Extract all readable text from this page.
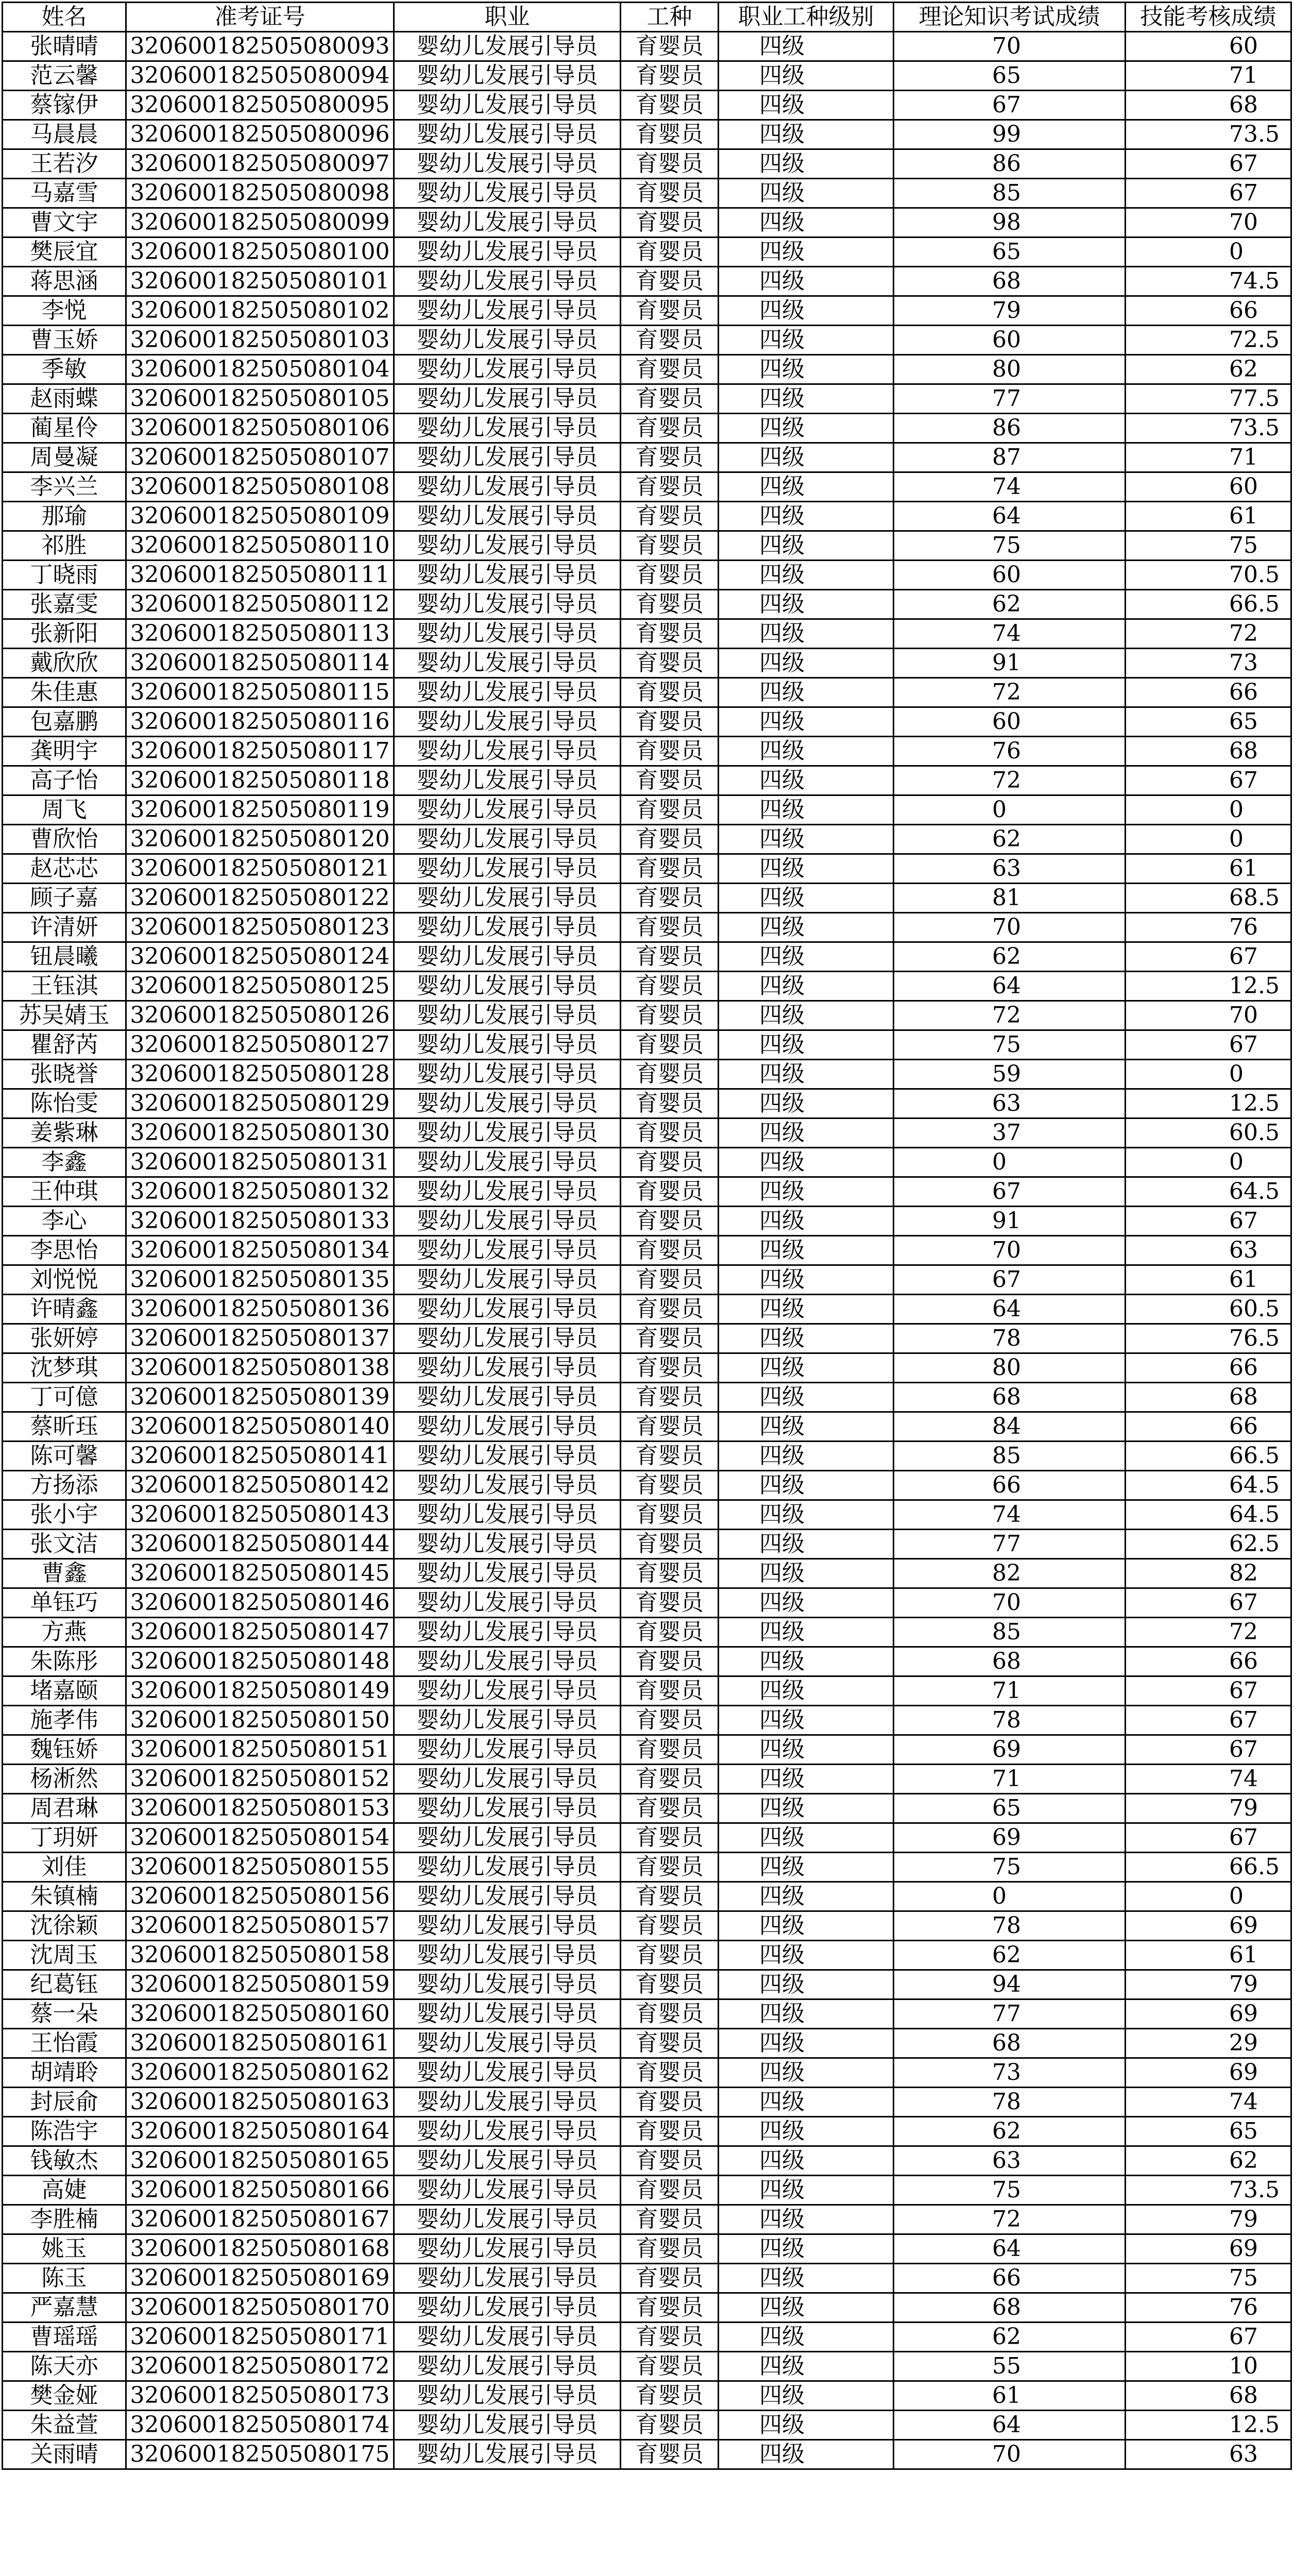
姓名	准考证号	职业	工种	职业工种级别	理论知识考试成绩	技能考核成绩
张晴晴	320600182505080093	婴幼儿发展引导员	育婴员	四级	70	60
范云馨	320600182505080094	婴幼儿发展引导员	育婴员	四级	65	71
蔡镓伊	320600182505080095	婴幼儿发展引导员	育婴员	四级	67	68
马晨晨	320600182505080096	婴幼儿发展引导员	育婴员	四级	99	73.5
王若汐	320600182505080097	婴幼儿发展引导员	育婴员	四级	86	67
马嘉雪	320600182505080098	婴幼儿发展引导员	育婴员	四级	85	67
曹文宇	320600182505080099	婴幼儿发展引导员	育婴员	四级	98	70
樊辰宜	320600182505080100	婴幼儿发展引导员	育婴员	四级	65	0
蒋思涵	320600182505080101	婴幼儿发展引导员	育婴员	四级	68	74.5
李悦	320600182505080102	婴幼儿发展引导员	育婴员	四级	79	66
曹玉娇	320600182505080103	婴幼儿发展引导员	育婴员	四级	60	72.5
季敏	320600182505080104	婴幼儿发展引导员	育婴员	四级	80	62
赵雨蝶	320600182505080105	婴幼儿发展引导员	育婴员	四级	77	77.5
蔺星伶	320600182505080106	婴幼儿发展引导员	育婴员	四级	86	73.5
周曼凝	320600182505080107	婴幼儿发展引导员	育婴员	四级	87	71
李兴兰	320600182505080108	婴幼儿发展引导员	育婴员	四级	74	60
那瑜	320600182505080109	婴幼儿发展引导员	育婴员	四级	64	61
祁胜	320600182505080110	婴幼儿发展引导员	育婴员	四级	75	75
丁晓雨	320600182505080111	婴幼儿发展引导员	育婴员	四级	60	70.5
张嘉雯	320600182505080112	婴幼儿发展引导员	育婴员	四级	62	66.5
张新阳	320600182505080113	婴幼儿发展引导员	育婴员	四级	74	72
戴欣欣	320600182505080114	婴幼儿发展引导员	育婴员	四级	91	73
朱佳惠	320600182505080115	婴幼儿发展引导员	育婴员	四级	72	66
包嘉鹏	320600182505080116	婴幼儿发展引导员	育婴员	四级	60	65
龚明宇	320600182505080117	婴幼儿发展引导员	育婴员	四级	76	68
高子怡	320600182505080118	婴幼儿发展引导员	育婴员	四级	72	67
周飞	320600182505080119	婴幼儿发展引导员	育婴员	四级	0	0
曹欣怡	320600182505080120	婴幼儿发展引导员	育婴员	四级	62	0
赵芯芯	320600182505080121	婴幼儿发展引导员	育婴员	四级	63	61
顾子嘉	320600182505080122	婴幼儿发展引导员	育婴员	四级	81	68.5
许清妍	320600182505080123	婴幼儿发展引导员	育婴员	四级	70	76
钮晨曦	320600182505080124	婴幼儿发展引导员	育婴员	四级	62	67
王钰淇	320600182505080125	婴幼儿发展引导员	育婴员	四级	64	12.5
苏吴婧玉	320600182505080126	婴幼儿发展引导员	育婴员	四级	72	70
瞿舒芮	320600182505080127	婴幼儿发展引导员	育婴员	四级	75	67
张晓誉	320600182505080128	婴幼儿发展引导员	育婴员	四级	59	0
陈怡雯	320600182505080129	婴幼儿发展引导员	育婴员	四级	63	12.5
姜紫琳	320600182505080130	婴幼儿发展引导员	育婴员	四级	37	60.5
李鑫	320600182505080131	婴幼儿发展引导员	育婴员	四级	0	0
王仲琪	320600182505080132	婴幼儿发展引导员	育婴员	四级	67	64.5
李心	320600182505080133	婴幼儿发展引导员	育婴员	四级	91	67
李思怡	320600182505080134	婴幼儿发展引导员	育婴员	四级	70	63
刘悦悦	320600182505080135	婴幼儿发展引导员	育婴员	四级	67	61
许晴鑫	320600182505080136	婴幼儿发展引导员	育婴员	四级	64	60.5
张妍婷	320600182505080137	婴幼儿发展引导员	育婴员	四级	78	76.5
沈梦琪	320600182505080138	婴幼儿发展引导员	育婴员	四级	80	66
丁可億	320600182505080139	婴幼儿发展引导员	育婴员	四级	68	68
蔡昕珏	320600182505080140	婴幼儿发展引导员	育婴员	四级	84	66
陈可馨	320600182505080141	婴幼儿发展引导员	育婴员	四级	85	66.5
方扬添	320600182505080142	婴幼儿发展引导员	育婴员	四级	66	64.5
张小宇	320600182505080143	婴幼儿发展引导员	育婴员	四级	74	64.5
张文洁	320600182505080144	婴幼儿发展引导员	育婴员	四级	77	62.5
曹鑫	320600182505080145	婴幼儿发展引导员	育婴员	四级	82	82
单钰巧	320600182505080146	婴幼儿发展引导员	育婴员	四级	70	67
方燕	320600182505080147	婴幼儿发展引导员	育婴员	四级	85	72
朱陈彤	320600182505080148	婴幼儿发展引导员	育婴员	四级	68	66
堵嘉颐	320600182505080149	婴幼儿发展引导员	育婴员	四级	71	67
施孝伟	320600182505080150	婴幼儿发展引导员	育婴员	四级	78	67
魏钰娇	320600182505080151	婴幼儿发展引导员	育婴员	四级	69	67
杨淅然	320600182505080152	婴幼儿发展引导员	育婴员	四级	71	74
周君琳	320600182505080153	婴幼儿发展引导员	育婴员	四级	65	79
丁玥妍	320600182505080154	婴幼儿发展引导员	育婴员	四级	69	67
刘佳	320600182505080155	婴幼儿发展引导员	育婴员	四级	75	66.5
朱镇楠	320600182505080156	婴幼儿发展引导员	育婴员	四级	0	0
沈徐颖	320600182505080157	婴幼儿发展引导员	育婴员	四级	78	69
沈周玉	320600182505080158	婴幼儿发展引导员	育婴员	四级	62	61
纪葛钰	320600182505080159	婴幼儿发展引导员	育婴员	四级	94	79
蔡一朵	320600182505080160	婴幼儿发展引导员	育婴员	四级	77	69
王怡霞	320600182505080161	婴幼儿发展引导员	育婴员	四级	68	29
胡靖聆	320600182505080162	婴幼儿发展引导员	育婴员	四级	73	69
封辰俞	320600182505080163	婴幼儿发展引导员	育婴员	四级	78	74
陈浩宇	320600182505080164	婴幼儿发展引导员	育婴员	四级	62	65
钱敏杰	320600182505080165	婴幼儿发展引导员	育婴员	四级	63	62
高婕	320600182505080166	婴幼儿发展引导员	育婴员	四级	75	73.5
李胜楠	320600182505080167	婴幼儿发展引导员	育婴员	四级	72	79
姚玉	320600182505080168	婴幼儿发展引导员	育婴员	四级	64	69
陈玉	320600182505080169	婴幼儿发展引导员	育婴员	四级	66	75
严嘉慧	320600182505080170	婴幼儿发展引导员	育婴员	四级	68	76
曹瑶瑶	320600182505080171	婴幼儿发展引导员	育婴员	四级	62	67
陈天亦	320600182505080172	婴幼儿发展引导员	育婴员	四级	55	10
樊金娅	320600182505080173	婴幼儿发展引导员	育婴员	四级	61	68
朱益萱	320600182505080174	婴幼儿发展引导员	育婴员	四级	64	12.5
关雨晴	320600182505080175	婴幼儿发展引导员	育婴员	四级	70	63
